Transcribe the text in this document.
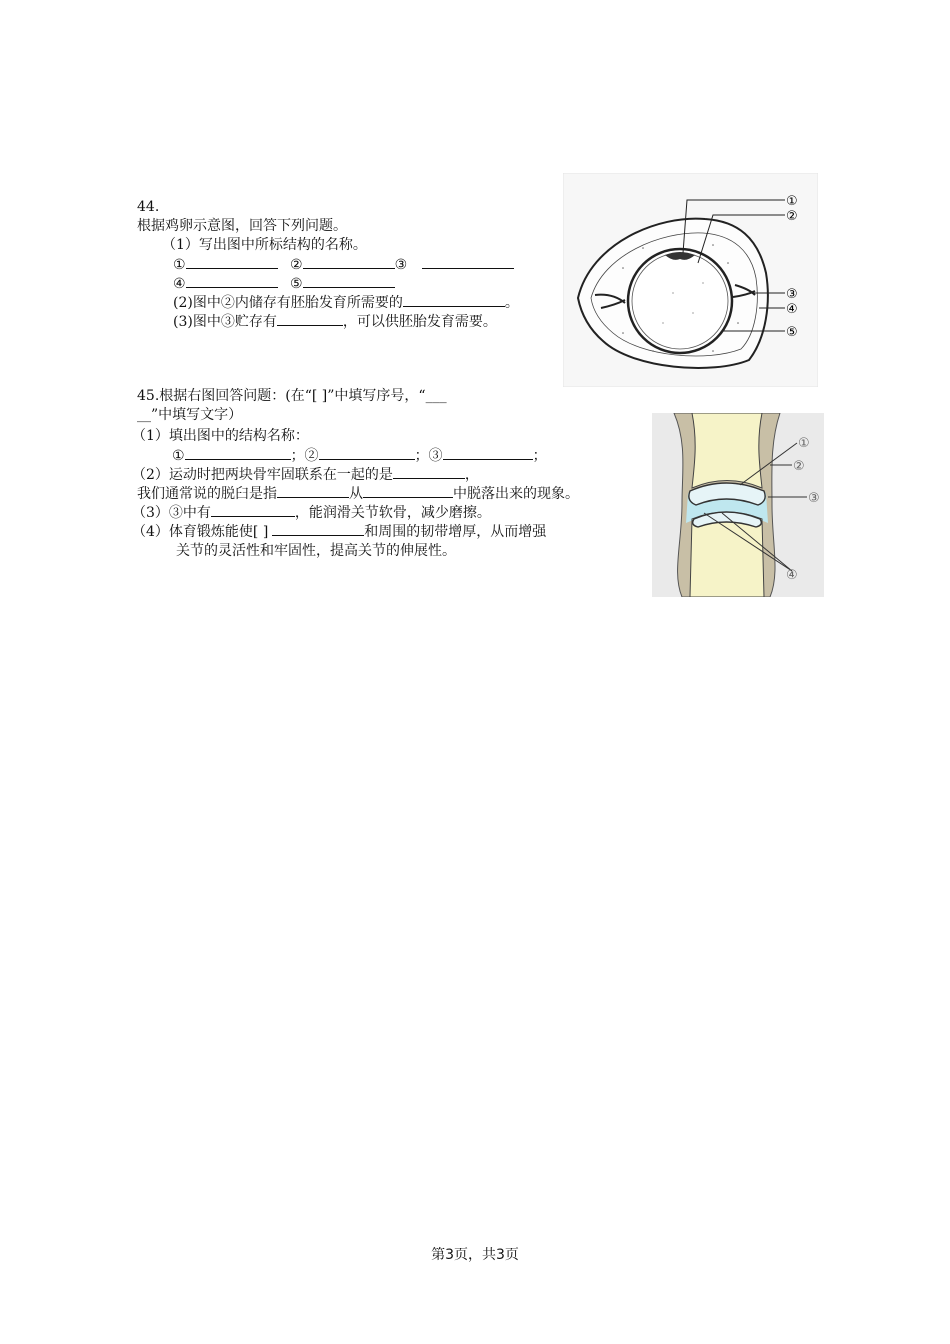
44.
根据鸡卵示意图，回答下列问题。
（1）写出图中所标结构的名称。
①	②	③
④	⑤
(2)图中②内储存有胚胎发育所需要的	。
(3)图中③贮存有	，可以供胚胎发育需要。
①
②
③
④
⑤
45.根据右图回答问题：(在“[ ]”中填写序号，“___
__”中填写文字）
（1）填出图中的结构名称：
①	；②	；③	；
（2）运动时把两块骨牢固联系在一起的是	，
我们通常说的脱臼是指	从	中脱落出来的现象。
（3）③中有	，能润滑关节软骨，减少磨擦。
（4）体育锻炼能使[ ]	和周围的韧带增厚，从而增强
关节的灵活性和牢固性，提高关节的伸展性。
①
②
③
④
第3页，共3页
